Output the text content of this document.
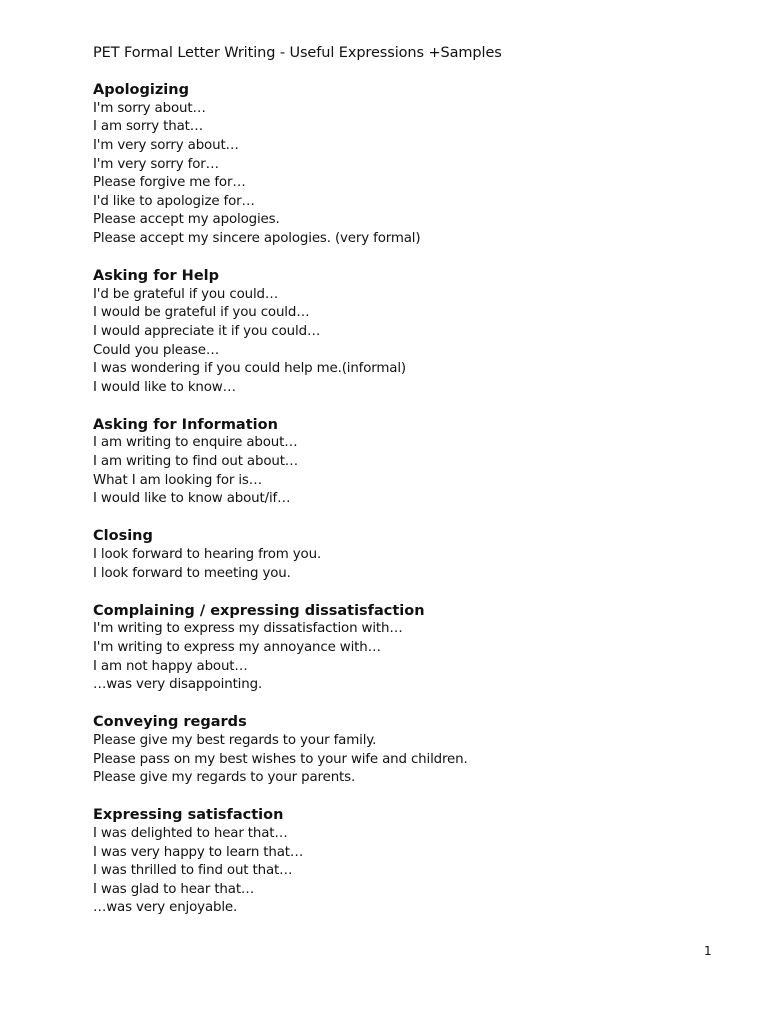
PET Formal Letter Writing - Useful Expressions +Samples
Apologizing
I'm sorry about…
I am sorry that…
I'm very sorry about…
I'm very sorry for…
Please forgive me for…
I'd like to apologize for…
Please accept my apologies.
Please accept my sincere apologies. (very formal)
Asking for Help
I'd be grateful if you could…
I would be grateful if you could…
I would appreciate it if you could…
Could you please…
I was wondering if you could help me.(informal)
I would like to know…
Asking for Information
I am writing to enquire about…
I am writing to find out about…
What I am looking for is…
I would like to know about/if…
Closing
I look forward to hearing from you.
I look forward to meeting you.
Complaining / expressing dissatisfaction
I'm writing to express my dissatisfaction with…
I'm writing to express my annoyance with…
I am not happy about…
…was very disappointing.
Conveying regards
Please give my best regards to your family.
Please pass on my best wishes to your wife and children.
Please give my regards to your parents.
Expressing satisfaction
I was delighted to hear that…
I was very happy to learn that…
I was thrilled to find out that…
I was glad to hear that…
…was very enjoyable.
1
